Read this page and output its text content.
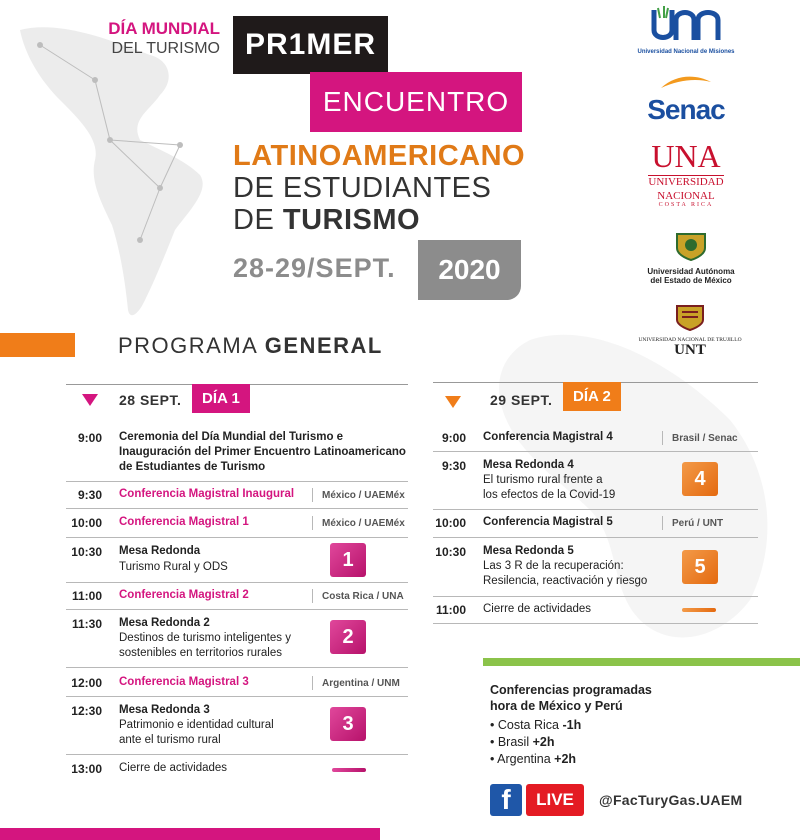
DÍA MUNDIAL
DEL TURISMO PR1MER
ENCUENTRO
LATINOAMERICANO
DE ESTUDIANTES
DE TURISMO
28-29/SEPT.	2020
Universidad Nacional de Misiones
Senac
UNA
UNIVERSIDAD
NACIONAL
COSTA RICA
Universidad Autónoma
del Estado de México
UNIVERSIDAD NACIONAL DE TRUJILLO
UNT
PROGRAMA GENERAL
28 SEPT.	DÍA 1
9:00 Ceremonia del Día Mundial del Turismo e
Inauguración del Primer Encuentro Latinoamericano
de Estudiantes de Turismo
9:30 Conferencia Magistral Inaugural	México / UAEMéx
10:00 Conferencia Magistral 1	México / UAEMéx
10:30 Mesa Redonda
Turismo Rural y ODS	1
11:00 Conferencia Magistral 2	Costa Rica / UNA
11:30 Mesa Redonda 2
Destinos de turismo inteligentes y
sostenibles en territorios rurales
2
12:00 Conferencia Magistral 3	Argentina / UNM
12:30 Mesa Redonda 3
Patrimonio e identidad cultural
ante el turismo rural
3
13:00 Cierre de actividades
29 SEPT.	DÍA 2
9:00 Conferencia Magistral 4	Brasil / Senac
9:30 Mesa Redonda 4
El turismo rural frente a
los efectos de la Covid-19
4
10:00 Conferencia Magistral 5	Perú / UNT
10:30 Mesa Redonda 5
Las 3 R de la recuperación:
Resilencia, reactivación y riesgo
5
11:00 Cierre de actividades
Conferencias programadas
hora de México y Perú
• Costa Rica -1h
• Brasil +2h
• Argentina +2h
f	LIVE	@FacTuryGas.UAEM
